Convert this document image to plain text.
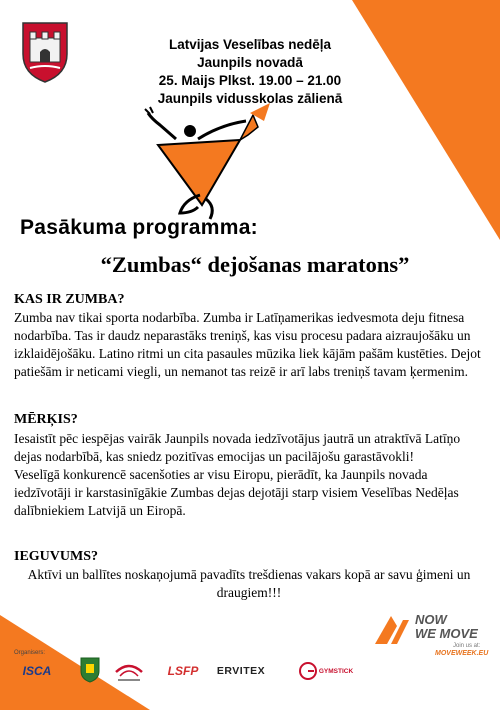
Latvijas Veselības nedēļa
Jaunpils novadā
25. Maijs Plkst. 19.00 – 21.00
Jaunpils vidusskolas zālienā
Pasākuma programma:
“Zumbas“ dejošanas maratons”
KAS IR ZUMBA?

Zumba nav tikai sporta nodarbība. Zumba ir Latīņamerikas iedvesmota deju fitnesa nodarbība. Tas ir daudz neparastāks treniņš, kas visu procesu padara aizraujošāku un izklaidējošāku. Latino ritmi un cita pasaules mūzika liek kājām pašām kustēties. Dejot patiešām ir neticami viegli, un nemanot tas reizē ir arī labs treniņš tavam ķermenim.

MĒRĶIS?

Iesaistīt pēc iespējas vairāk Jaunpils novada iedzīvotājus jautrā un atraktīvā Latīņo dejas nodarbībā, kas sniedz pozitīvas emocijas un pacilājošu garastāvokli!

Veselīgā konkurencē sacenšoties ar visu Eiropu, pierādīt, ka Jaunpils novada iedzīvotāji ir karstasinīgākie Zumbas dejas dejotāji starp visiem Veselības Nedēļas dalībniekiem Latvijā un Eiropā.

IEGUVUMS?

Aktīvi un ballītes noskaņojumā pavadīts trešdienas vakars kopā ar savu ģimeni un draugiem!!!

NOW
WE MOVE
Join us at:
MOVEWEEK.EU
Organisers:
ISCA	LSFP ERVITEX	GYMSTICK
